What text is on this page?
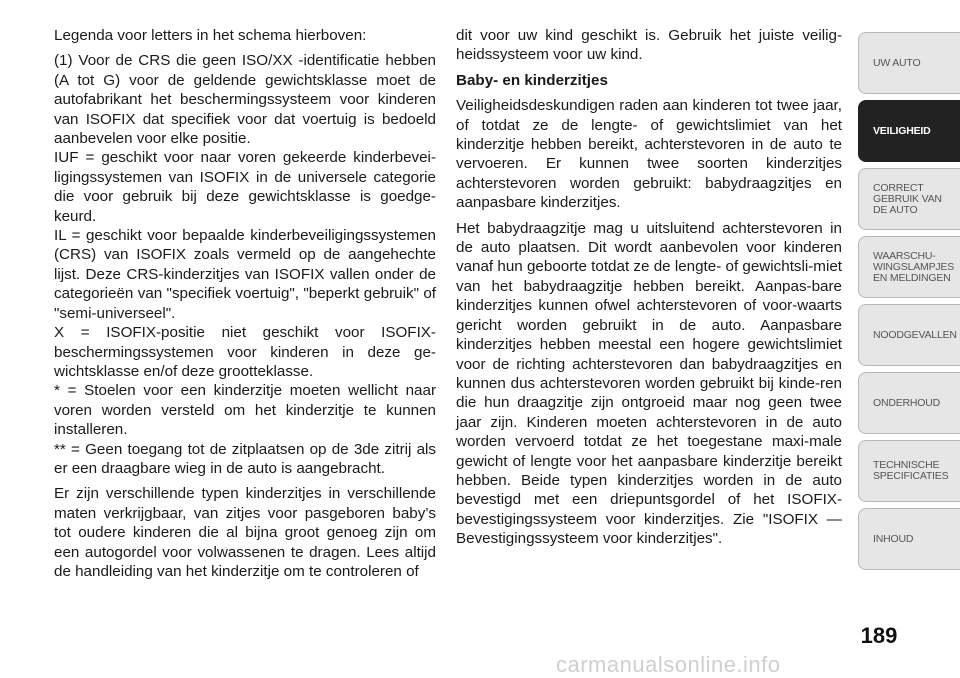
Legenda voor letters in het schema hierboven:

(1) Voor de CRS die geen ISO/XX -identificatie hebben (A tot G) voor de geldende gewichtsklasse moet de autofabrikant het beschermingssysteem voor kinderen van ISOFIX dat specifiek voor dat voertuig is bedoeld aanbevelen voor elke positie.

IUF = geschikt voor naar voren gekeerde kinderbevei-ligingssystemen van ISOFIX in de universele categorie die voor gebruik bij deze gewichtsklasse is goedge-keurd.

IL = geschikt voor bepaalde kinderbeveiligingssystemen (CRS) van ISOFIX zoals vermeld op de aangehechte lijst. Deze CRS-kinderzitjes van ISOFIX vallen onder de categorieën van "specifiek voertuig", "beperkt gebruik" of "semi-universeel".

X = ISOFIX-positie niet geschikt voor ISOFIX-beschermingssystemen voor kinderen in deze ge-wichtsklasse en/of deze grootteklasse.

* = Stoelen voor een kinderzitje moeten wellicht naar voren worden versteld om het kinderzitje te kunnen installeren.

** = Geen toegang tot de zitplaatsen op de 3de zitrij als er een draagbare wieg in de auto is aangebracht.

Er zijn verschillende typen kinderzitjes in verschillende maten verkrijgbaar, van zitjes voor pasgeboren baby’s tot oudere kinderen die al bijna groot genoeg zijn om een autogordel voor volwassenen te dragen. Lees altijd de handleiding van het kinderzitje om te controleren of

dit voor uw kind geschikt is. Gebruik het juiste veilig-heidssysteem voor uw kind.

Baby- en kinderzitjes

Veiligheidsdeskundigen raden aan kinderen tot twee jaar, of totdat ze de lengte- of gewichtslimiet van het kinderzitje hebben bereikt, achterstevoren in de auto te vervoeren. Er kunnen twee soorten kinderzitjes achterstevoren worden gebruikt: babydraagzitjes en aanpasbare kinderzitjes.

Het babydraagzitje mag u uitsluitend achterstevoren in de auto plaatsen. Dit wordt aanbevolen voor kinderen vanaf hun geboorte totdat ze de lengte- of gewichtsli-miet van het babydraagzitje hebben bereikt. Aanpas-bare kinderzitjes kunnen ofwel achterstevoren of voor-waarts gericht worden gebruikt in de auto. Aanpasbare kinderzitjes hebben meestal een hogere gewichtslimiet voor de richting achterstevoren dan babydraagzitjes en kunnen dus achterstevoren worden gebruikt bij kinde-ren die hun draagzitje zijn ontgroeid maar nog geen twee jaar zijn. Kinderen moeten achterstevoren in de auto worden vervoerd totdat ze het toegestane maxi-male gewicht of lengte voor het aanpasbare kinderzitje bereikt hebben. Beide typen kinderzitjes worden in de auto bevestigd met een driepuntsgordel of het ISOFIX-bevestigingssysteem voor kinderzitjes. Zie "ISOFIX — Bevestigingssysteem voor kinderzitjes".

UW AUTO
VEILIGHEID
CORRECT
GEBRUIK VAN
DE AUTO
WAARSCHU-
WINGSLAMPJES
EN MELDINGEN
NOODGEVALLEN
ONDERHOUD
TECHNISCHE
SPECIFICATIES
INHOUD
189
carmanualsonline.info
